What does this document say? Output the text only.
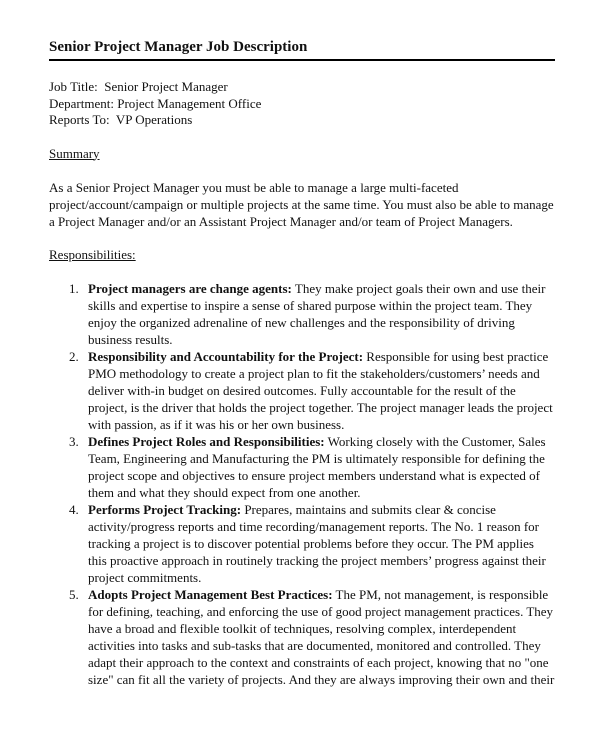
Senior Project Manager Job Description
Job Title: Senior Project Manager
Department: Project Management Office
Reports To: VP Operations
Summary
As a Senior Project Manager you must be able to manage a large multi-faceted project/account/campaign or multiple projects at the same time. You must also be able to manage a Project Manager and/or an Assistant Project Manager and/or team of Project Managers.
Responsibilities:
1. Project managers are change agents: They make project goals their own and use their skills and expertise to inspire a sense of shared purpose within the project team. They enjoy the organized adrenaline of new challenges and the responsibility of driving business results.
2. Responsibility and Accountability for the Project: Responsible for using best practice PMO methodology to create a project plan to fit the stakeholders/customers’ needs and deliver with-in budget on desired outcomes. Fully accountable for the result of the project, is the driver that holds the project together. The project manager leads the project with passion, as if it was his or her own business.
3. Defines Project Roles and Responsibilities: Working closely with the Customer, Sales Team, Engineering and Manufacturing the PM is ultimately responsible for defining the project scope and objectives to ensure project members understand what is expected of them and what they should expect from one another.
4. Performs Project Tracking: Prepares, maintains and submits clear & concise activity/progress reports and time recording/management reports. The No. 1 reason for tracking a project is to discover potential problems before they occur. The PM applies this proactive approach in routinely tracking the project members’ progress against their project commitments.
5. Adopts Project Management Best Practices: The PM, not management, is responsible for defining, teaching, and enforcing the use of good project management practices. They have a broad and flexible toolkit of techniques, resolving complex, interdependent activities into tasks and sub-tasks that are documented, monitored and controlled. They adapt their approach to the context and constraints of each project, knowing that no "one size" can fit all the variety of projects. And they are always improving their own and their
